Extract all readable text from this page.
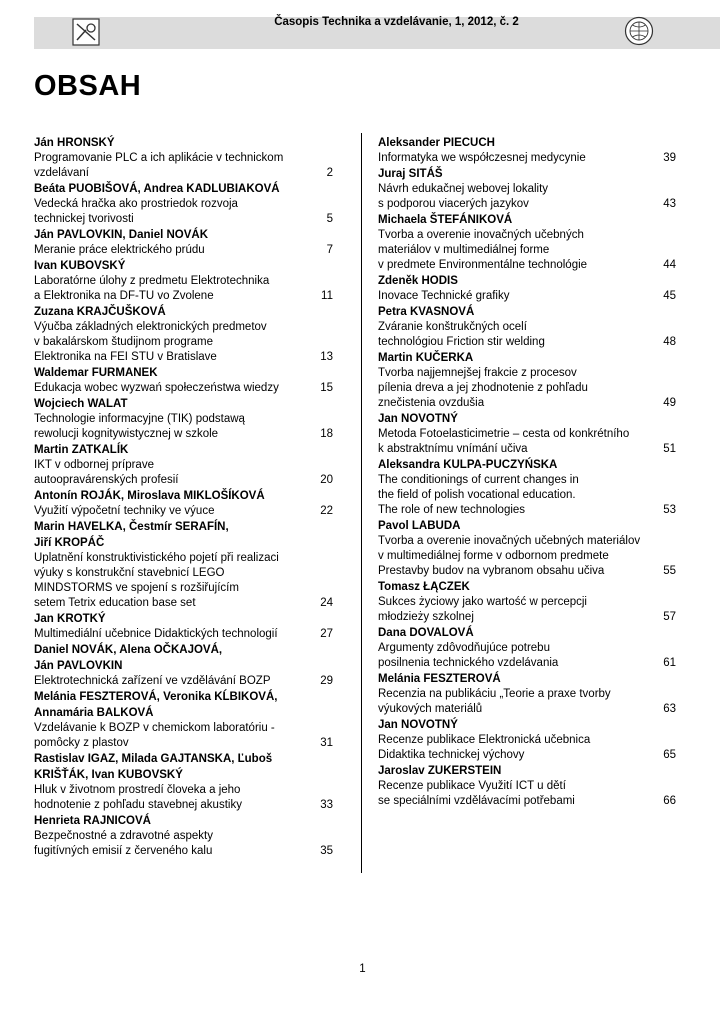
Časopis Technika a vzdelávanie, 1, 2012, č. 2
OBSAH
Ján HRONSKÝ
Programovanie PLC a ich aplikácie v technickom
vzdelávaní	2
Beáta PUOBIŠOVÁ, Andrea KADLUBIAKOVÁ
Vedecká hračka ako prostriedok rozvoja
technickej tvorivosti	5
Ján PAVLOVKIN, Daniel NOVÁK
Meranie práce elektrického prúdu	7
Ivan KUBOVSKÝ
Laboratórne úlohy z predmetu Elektrotechnika
a Elektronika na DF-TU vo Zvolene	11
Zuzana KRAJČUŠKOVÁ
Výučba základných elektronických predmetov
v bakalárskom študijnom programe
Elektronika na FEI STU v Bratislave	13
Waldemar FURMANEK
Edukacja wobec wyzwań społeczeństwa wiedzy	15
Wojciech WALAT
Technologie informacyjne (TIK) podstawą
rewolucji kognitywistycznej w szkole	18
Martin ZATKALÍK
IKT v odbornej príprave
autoopravárenských profesií	20
Antonín ROJÁK, Miroslava MIKLOŠÍKOVÁ
Využití výpočetní techniky ve výuce	22
Marin HAVELKA, Čestmír SERAFÍN,
Jiří KROPÁČ
Uplatnění konstruktivistického pojetí při realizaci
výuky s konstrukční stavebnicí LEGO
MINDSTORMS ve spojení s rozšiřujícím
setem Tetrix education base set	24
Jan KROTKÝ
Multimediální učebnice Didaktických technologií	27
Daniel NOVÁK, Alena OČKAJOVÁ,
Ján PAVLOVKIN
Elektrotechnická zařízení ve vzdělávání BOZP	29
Melánia FESZTEROVÁ, Veronika KĹBIKOVÁ,
Annamária BALKOVÁ
Vzdelávanie k BOZP v chemickom laboratóriu -
pomôcky z plastov	31
Rastislav IGAZ, Milada GAJTANSKA, Ľuboš
KRIŠŤÁK, Ivan KUBOVSKÝ
Hluk v životnom prostredí človeka a jeho
hodnotenie z pohľadu stavebnej akustiky	33
Henrieta RAJNICOVÁ
Bezpečnostné a zdravotné aspekty
fugitívných emisií z červeného kalu	35
Aleksander PIECUCH
Informatyka we współczesnej medycynie	39
Juraj SITÁŠ
Návrh edukačnej webovej lokality
s podporou viacerých jazykov	43
Michaela ŠTEFÁNIKOVÁ
Tvorba a overenie inovačných učebných
materiálov v multimediálnej forme
v predmete Environmentálne technológie	44
Zdeněk HODIS
Inovace Technické grafiky	45
Petra KVASNOVÁ
Zváranie konštrukčných ocelí
technológiou Friction stir welding	48
Martin KUČERKA
Tvorba najjemnejšej frakcie z procesov
pílenia dreva a jej zhodnotenie z pohľadu
znečistenia ovzdušia	49
Jan NOVOTNÝ
Metoda Fotoelasticimetrie – cesta od konkrétního
k abstraktnímu vnímání učiva	51
Aleksandra KULPA-PUCZYŃSKA
The conditionings of current changes in
the field of polish vocational education.
The role of new technologies	53
Pavol LABUDA
Tvorba a overenie inovačných učebných materiálov
v multimediálnej forme v odbornom predmete
Prestavby budov na vybranom obsahu učiva	55
Tomasz ŁĄCZEK
Sukces życiowy jako wartość w percepcji
młodzieży szkolnej	57
Dana DOVALOVÁ
Argumenty zdôvodňujúce potrebu
posilnenia technického vzdelávania	61
Melánia FESZTEROVÁ
Recenzia na publikáciu „Teorie a praxe tvorby
výukových materiálů	63
Jan NOVOTNÝ
Recenze publikace Elektronická učebnica
Didaktika technickej výchovy	65
Jaroslav ZUKERSTEIN
Recenze publikace Využití ICT u dětí
se speciálními vzdělávacími potřebami	66
1
